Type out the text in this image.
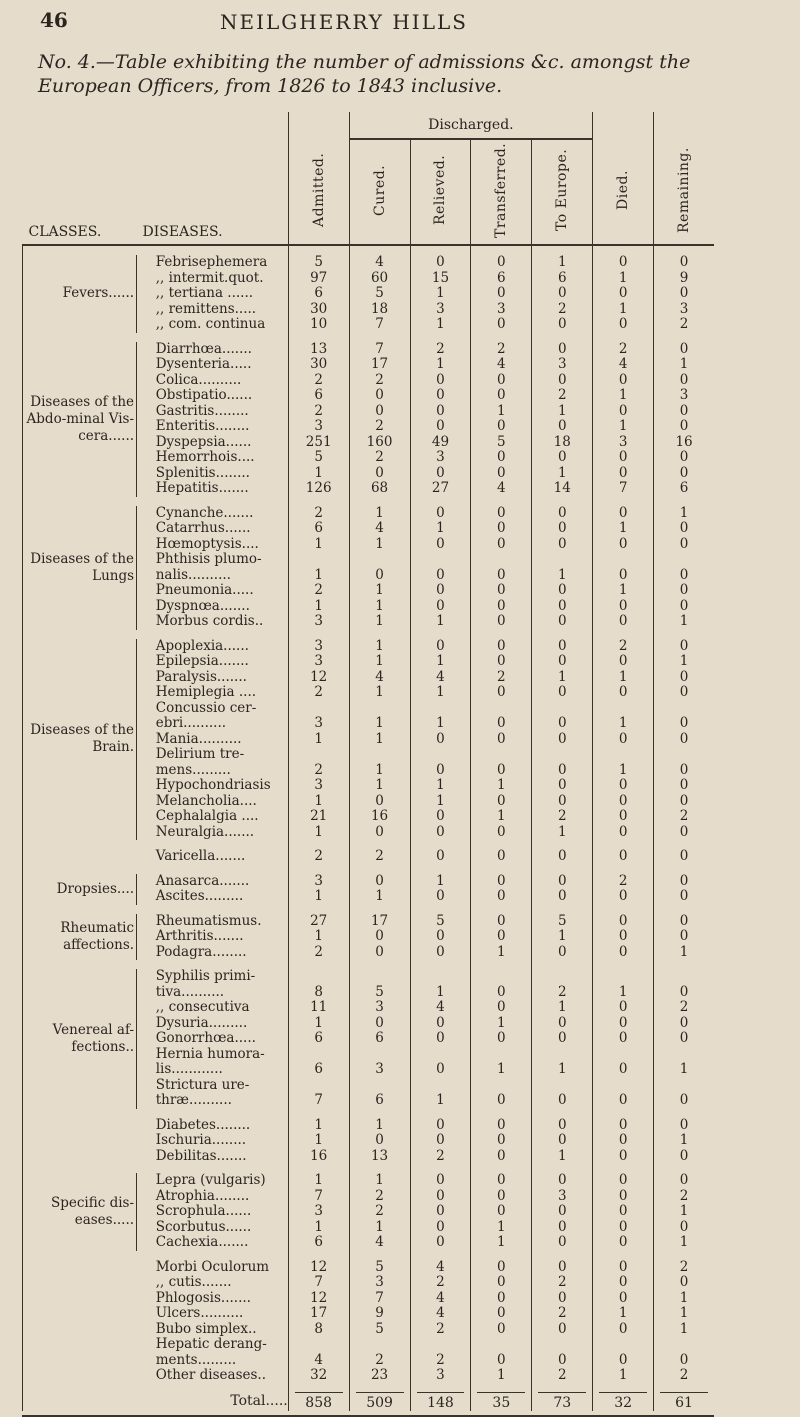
46	NEILGHERRY HILLS
No. 4.—Table exhibiting the number of admissions &c. amongst the European Officers, from 1826 to 1843 inclusive.
CLASSES.	DISEASES.		Admitted.	Discharged.				Died.	Remaining.

				Cured.	Relieved.	Transferred.	To Europe.		

Fevers......		Febrisephemera	5	4	0	0	1	0	0
		,, intermit.quot.	97	60	15	6	6	1	9
		,, tertiana ......	6	5	1	0	0	0	0
		,, remittens.....	30	18	3	3	2	1	3
		,, com. continua	10	7	1	0	0	0	2

Diseases of the Abdo-minal Vis-cera......		Diarrhœa.......	13	7	2	2	0	2	0
		Dysenteria.....	30	17	1	4	3	4	1
		Colica..........	2	2	0	0	0	0	0
		Obstipatio......	6	0	0	0	2	1	3
		Gastritis........	2	0	0	1	1	0	0
		Enteritis........	3	2	0	0	0	1	0
		Dyspepsia......	251	160	49	5	18	3	16
		Hemorrhois....	5	2	3	0	0	0	0
		Splenitis........	1	0	0	0	1	0	0
		Hepatitis.......	126	68	27	4	14	7	6

Diseases of the Lungs		Cynanche.......	2	1	0	0	0	0	1
		Catarrhus......	6	4	1	0	0	1	0
		Hœmoptysis....	1	1	0	0	0	0	0
		Phthisis plumo-nalis..........	1	0	0	0	1	0	0
		Pneumonia.....	2	1	0	0	0	1	0
		Dyspnœa.......	1	1	0	0	0	0	0
		Morbus cordis..	3	1	1	0	0	0	1

Diseases of the Brain.		Apoplexia......	3	1	0	0	0	2	0
		Epilepsia.......	3	1	1	0	0	0	1
		Paralysis.......	12	4	4	2	1	1	0
		Hemiplegia ....	2	1	1	0	0	0	0
		Concussio cer-ebri..........	3	1	1	0	0	1	0
		Mania..........	1	1	0	0	0	0	0
		Delirium tre-mens.........	2	1	0	0	0	1	0
		Hypochondriasis	3	1	1	1	0	0	0
		Melancholia....	1	0	1	0	0	0	0
		Cephalalgia ....	21	16	0	1	2	0	2
		Neuralgia.......	1	0	0	0	1	0	0

		Varicella.......	2	2	0	0	0	0	0

Dropsies....		Anasarca.......	3	0	1	0	0	2	0
		Ascites.........	1	1	0	0	0	0	0

Rheumatic affections.		Rheumatismus.	27	17	5	0	5	0	0
		Arthritis.......	1	0	0	0	1	0	0
		Podagra........	2	0	0	1	0	0	1

Venereal af-fections..		Syphilis primi-tiva..........	8	5	1	0	2	1	0
		,, consecutiva	11	3	4	0	1	0	2
		Dysuria.........	1	0	0	1	0	0	0
		Gonorrhœa.....	6	6	0	0	0	0	0
		Hernia humora-lis............	6	3	0	1	1	0	1
		Strictura ure-thræ..........	7	6	1	0	0	0	0

		Diabetes........	1	1	0	0	0	0	0
		Ischuria........	1	0	0	0	0	0	1
		Debilitas.......	16	13	2	0	1	0	0

Specific dis-eases.....		Lepra (vulgaris)	1	1	0	0	0	0	0
		Atrophia........	7	2	0	0	3	0	2
		Scrophula......	3	2	0	0	0	0	1
		Scorbutus......	1	1	0	1	0	0	0
		Cachexia.......	6	4	0	1	0	0	1

		Morbi Oculorum	12	5	4	0	0	0	2
		,, cutis.......	7	3	2	0	2	0	0
		Phlogosis.......	12	7	4	0	0	0	1
		Ulcers..........	17	9	4	0	2	1	1
		Bubo simplex..	8	5	2	0	0	0	1
		Hepatic derang-ments.........	4	2	2	0	0	0	0
		Other diseases..	32	23	3	1	2	1	2
		Total.....	858	509	148	35	73	32	61
